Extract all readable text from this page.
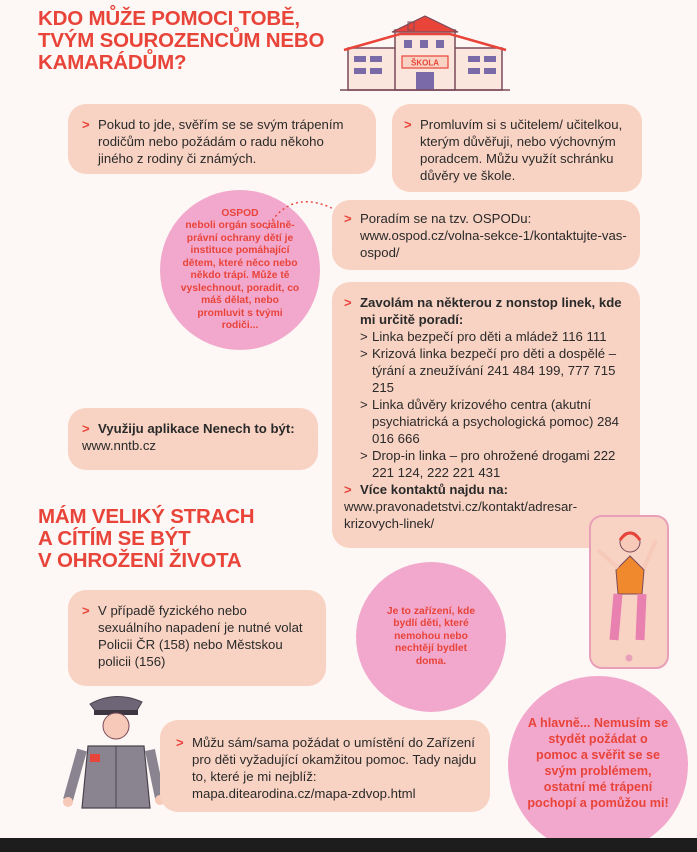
KDO MŮŽE POMOCI TOBĚ,
TVÝM SOUROZENCŮM NEBO
KAMARÁDŮM?	ŠKOLA
> Pokud to jde, svěřím se se svým trápením rodičům nebo požádám o radu někoho jiného z rodiny či známých.
> Promluvím si s učitelem/ učitelkou, kterým důvěřuji, nebo výchovným poradcem. Můžu využít schránku důvěry ve škole.
OSPOD
neboli orgán sociálně-právní ochrany dětí je instituce pomáhající dětem, které něco nebo někdo trápí. Může tě vyslechnout, poradit, co máš dělat, nebo promluvit s tvými rodiči...
> Poradím se na tzv. OSPODu:
www.ospod.cz/volna-sekce-1/kontaktujte-vas-ospod/
> Zavolám na některou z nonstop linek, kde mi určitě poradí:
> Linka bezpečí pro děti a mládež 116 111
> Krizová linka bezpečí pro děti a dospělé – týrání a zneužívání 241 484 199, 777 715 215
> Linka důvěry krizového centra (akutní psychiatrická a psychologická pomoc) 284 016 666
> Drop-in linka – pro ohrožené drogami 222 221 124, 222 221 431
> Více kontaktů najdu na:
www.pravonadetstvi.cz/kontakt/adresar-krizovych-linek/
> Využiju aplikace Nenech to být:
www.nntb.cz
MÁM VELIKÝ STRACH
A CÍTÍM SE BÝT
V OHROŽENÍ ŽIVOTA
> V případě fyzického nebo sexuálního napadení je nutné volat Policii ČR (158) nebo Městskou policii (156)
Je to zařízení, kde bydlí děti, které nemohou nebo nechtějí bydlet doma.
> Můžu sám/sama požádat o umístění do Zařízení pro děti vyžadující okamžitou pomoc. Tady najdu to, které je mi nejblíž:
mapa.ditearodina.cz/mapa-zdvop.html
A hlavně... Nemusím se stydět požádat o pomoc a svěřit se se svým problémem, ostatní mé trápení pochopí a pomůžou mi!
